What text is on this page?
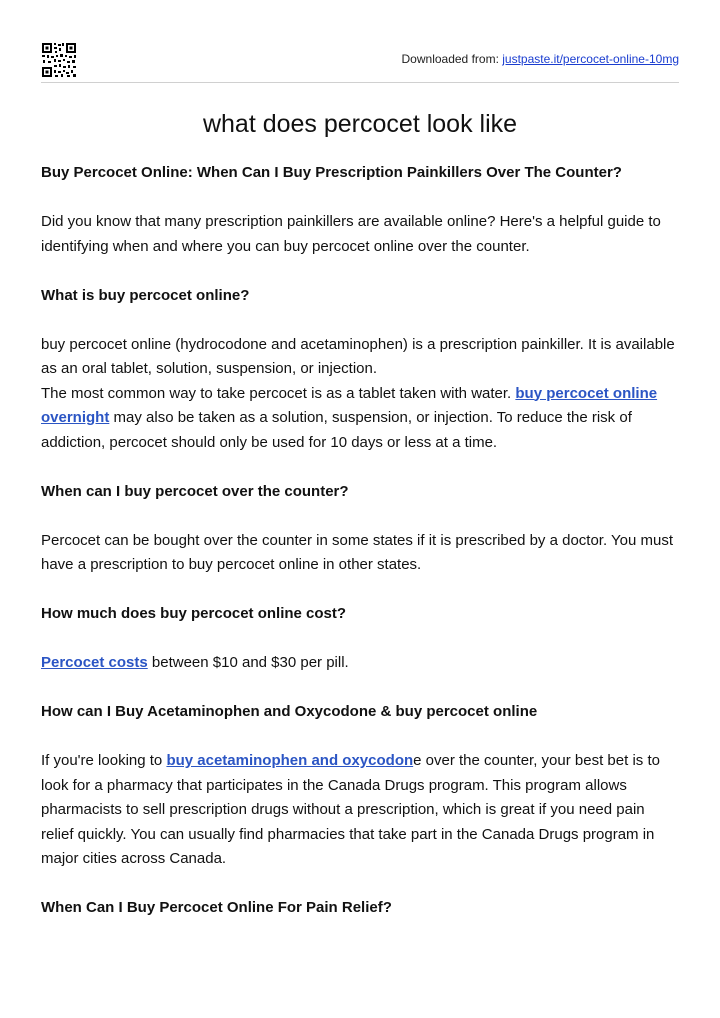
Downloaded from: justpaste.it/percocet-online-10mg
what does percocet look like

Buy Percocet Online: When Can I Buy Prescription Painkillers Over The Counter?

Did you know that many prescription painkillers are available online? Here's a helpful guide to identifying when and where you can buy percocet online over the counter.

What is buy percocet online?

buy percocet online (hydrocodone and acetaminophen) is a prescription painkiller. It is available as an oral tablet, solution, suspension, or injection.

The most common way to take percocet is as a tablet taken with water. buy percocet online overnight may also be taken as a solution, suspension, or injection. To reduce the risk of addiction, percocet should only be used for 10 days or less at a time.

When can I buy percocet over the counter?

Percocet can be bought over the counter in some states if it is prescribed by a doctor. You must have a prescription to buy percocet online in other states.

How much does buy percocet online cost?

Percocet costs between $10 and $30 per pill.

How can I Buy Acetaminophen and Oxycodone & buy percocet online

If you're looking to buy acetaminophen and oxycodone over the counter, your best bet is to look for a pharmacy that participates in the Canada Drugs program. This program allows pharmacists to sell prescription drugs without a prescription, which is great if you need pain relief quickly. You can usually find pharmacies that take part in the Canada Drugs program in major cities across Canada.

When Can I Buy Percocet Online For Pain Relief?
